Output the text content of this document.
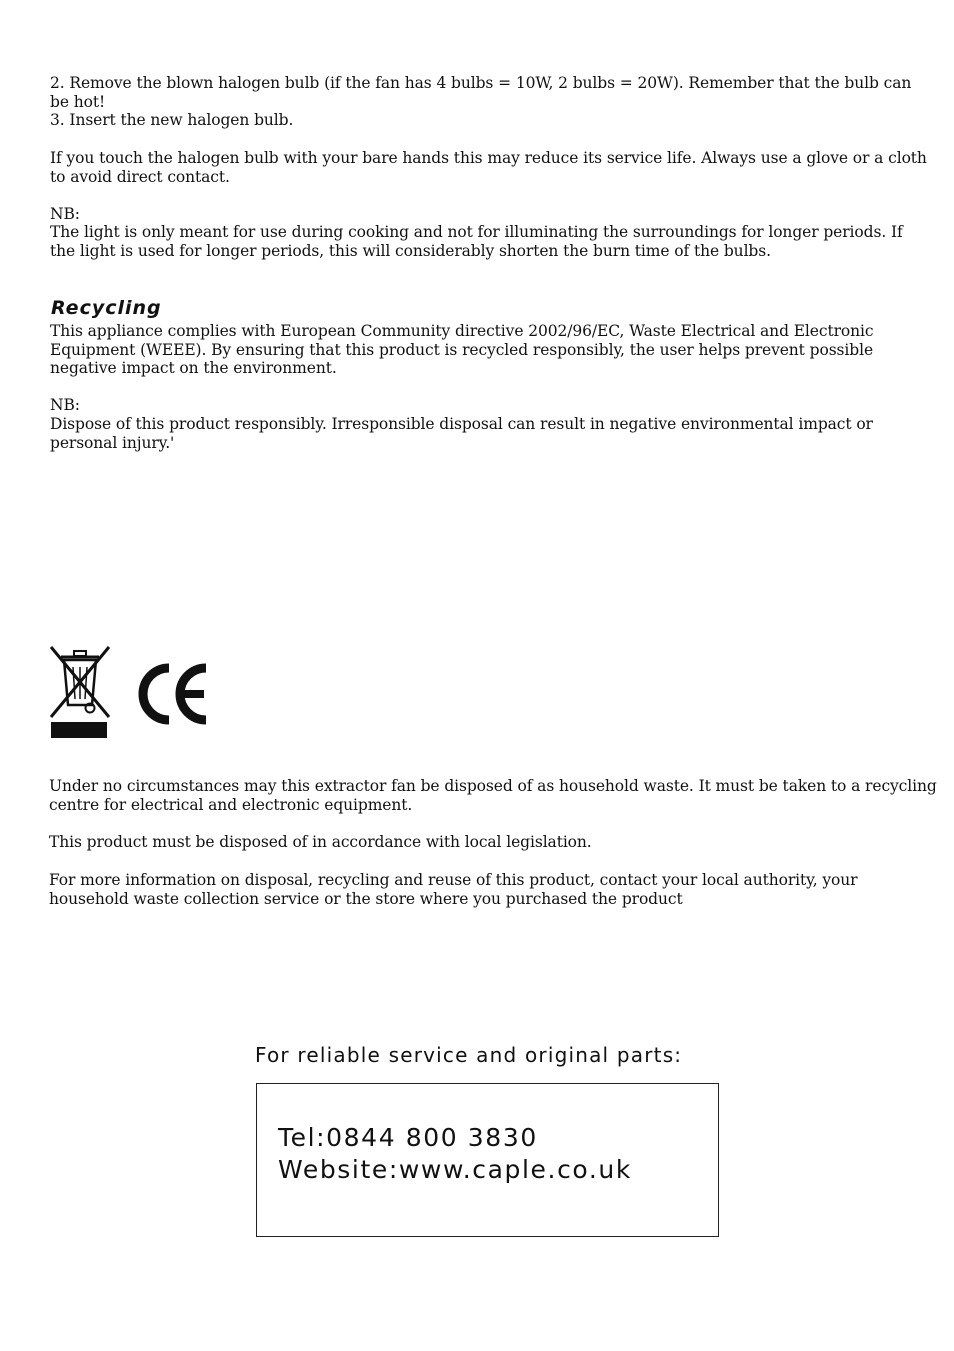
2. Remove the blown halogen bulb (if the fan has 4 bulbs = 10W, 2 bulbs = 20W). Remember that the bulb can
be hot!

3. Insert the new halogen bulb.

If you touch the halogen bulb with your bare hands this may reduce its service life. Always use a glove or a cloth
to avoid direct contact.

NB:

The light is only meant for use during cooking and not for illuminating the surroundings for longer periods. If
the light is used for longer periods, this will considerably shorten the burn time of the bulbs.

Recycling

This appliance complies with European Community directive 2002/96/EC, Waste Electrical and Electronic
Equipment (WEEE). By ensuring that this product is recycled responsibly, the user helps prevent possible
negative impact on the environment.

NB:

Dispose of this product responsibly. Irresponsible disposal can result in negative environmental impact or
personal injury.'

Under no circumstances may this extractor fan be disposed of as household waste. It must be taken to a recycling
centre for electrical and electronic equipment.

This product must be disposed of in accordance with local legislation.

For more information on disposal, recycling and reuse of this product, contact your local authority, your
household waste collection service or the store where you purchased the product

For reliable service and original parts:

Tel:0844 800 3830

Website:www.caple.co.uk
